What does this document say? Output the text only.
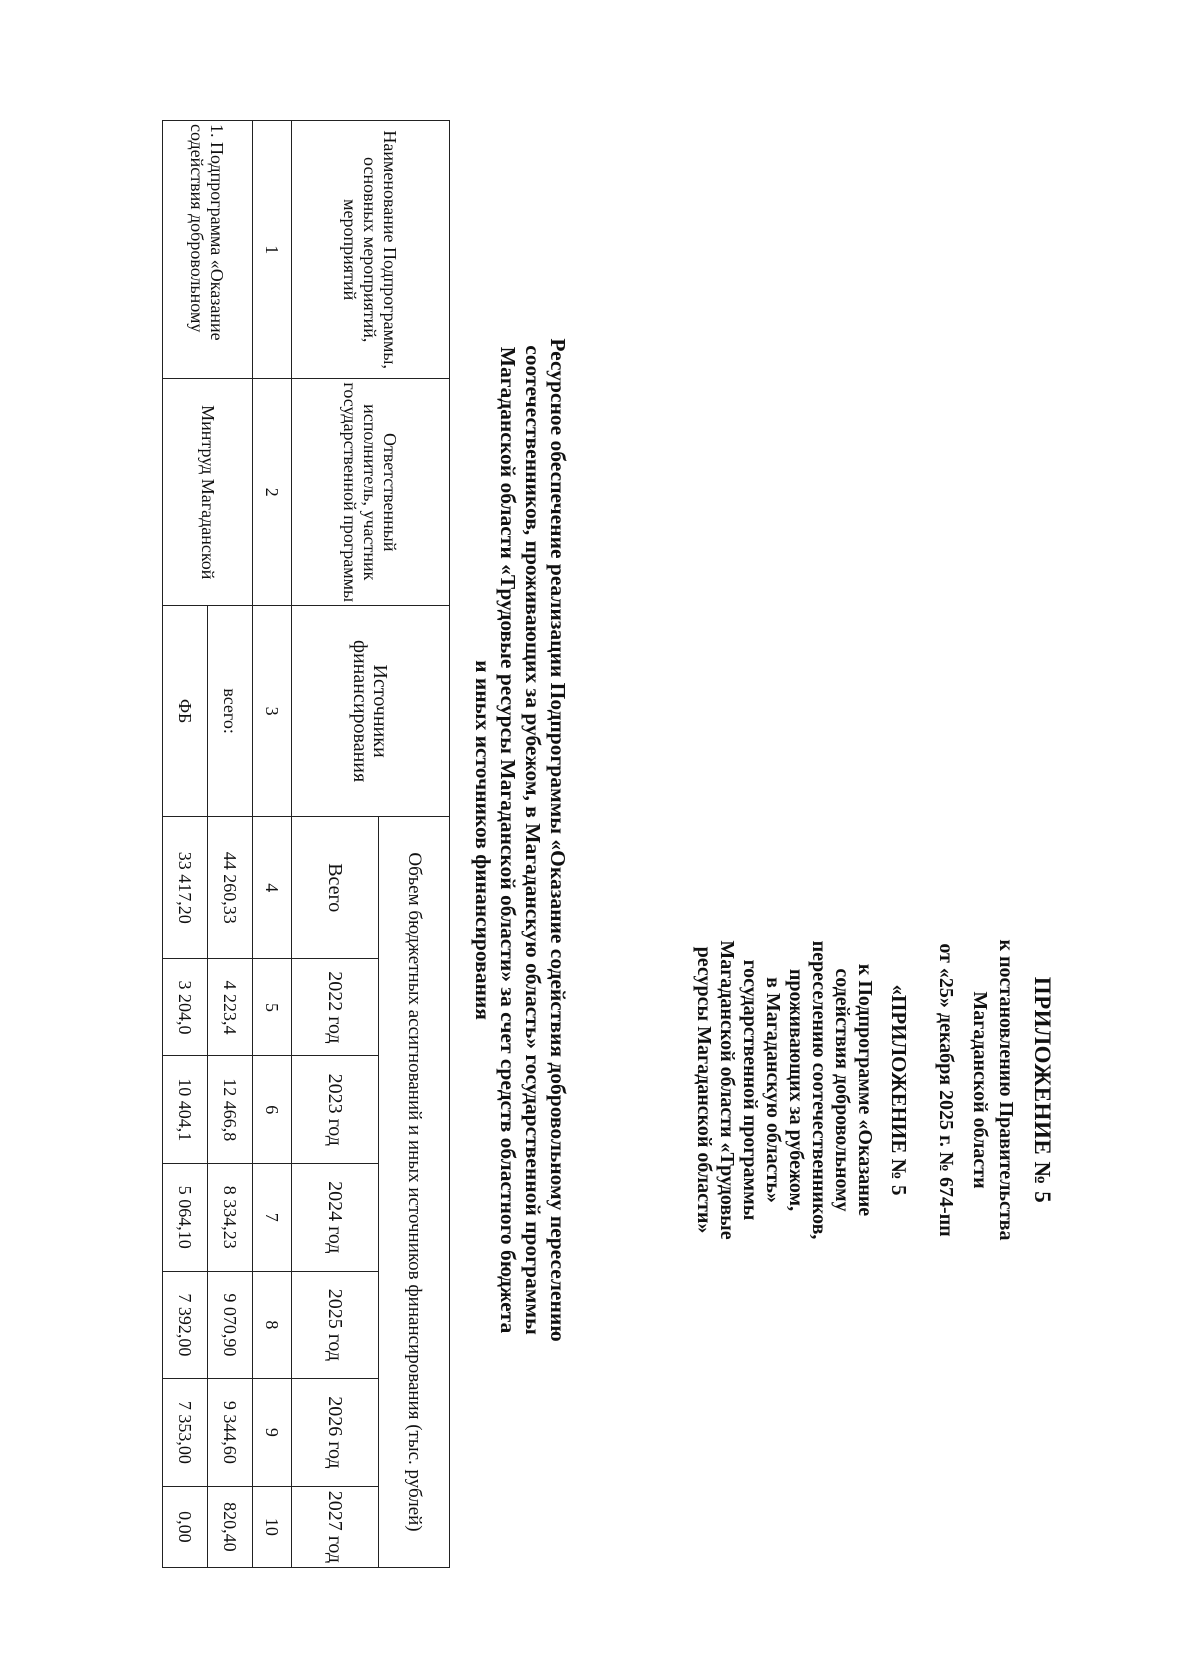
ПРИЛОЖЕНИЕ № 5
к постановлению Правительства
Магаданской области
от «25» декабря 2025 г. № 674-пп
«ПРИЛОЖЕНИЕ № 5
к Подпрограмме «Оказание
содействия добровольному
переселению соотечественников,
проживающих за рубежом,
в Магаданскую область»
государственной программы
Магаданской области «Трудовые
ресурсы Магаданской области»
Ресурсное обеспечение реализации Подпрограммы «Оказание содействия добровольному переселению
соотечественников, проживающих за рубежом, в Магаданскую область» государственной программы
Магаданской области «Трудовые ресурсы Магаданской области» за счет средств областного бюджета
и иных источников финансирования
Наименование Подпрограммы, основных мероприятий, мероприятий	Ответственный исполнитель, участник государственной программы	Источники финансирования	Объем бюджетных ассигнований и иных источников финансирования (тыс. рублей)						
			Всего	2022 год	2023 год	2024 год	2025 год	2026 год	2027 год
1	2	3	4	5	6	7	8	9	10
1. Подпрограмма «Оказание содействия добровольному	Минтруд Магаданской	всего:	44 260,33	4 223,4	12 466,8	8 334,23	9 070,90	9 344,60	820,40
		ФБ	33 417,20	3 204,0	10 404,1	5 064,10	7 392,00	7 353,00	0,00
